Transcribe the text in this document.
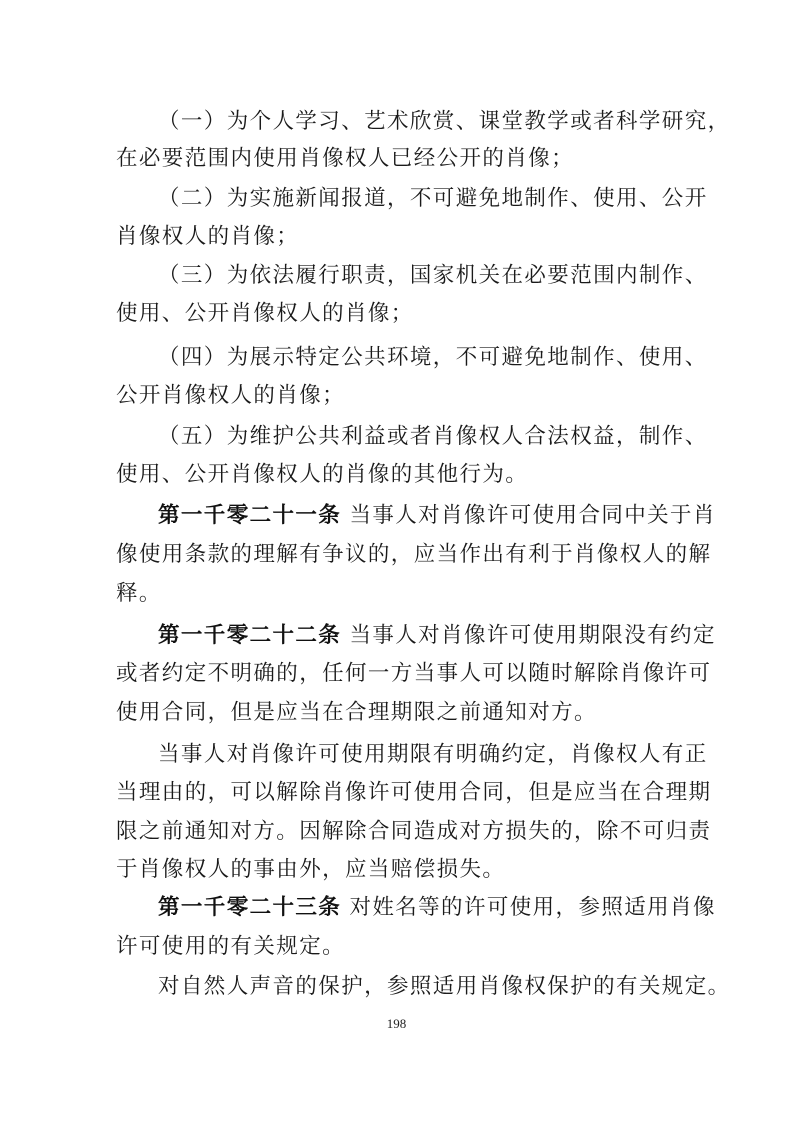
（一）为个人学习、艺术欣赏、课堂教学或者科学研究，
在必要范围内使用肖像权人已经公开的肖像；
（二）为实施新闻报道，不可避免地制作、使用、公开
肖像权人的肖像；
（三）为依法履行职责，国家机关在必要范围内制作、
使用、公开肖像权人的肖像；
（四）为展示特定公共环境，不可避免地制作、使用、
公开肖像权人的肖像；
（五）为维护公共利益或者肖像权人合法权益，制作、
使用、公开肖像权人的肖像的其他行为。
第一千零二十一条 当事人对肖像许可使用合同中关于肖
像使用条款的理解有争议的，应当作出有利于肖像权人的解
释。
第一千零二十二条 当事人对肖像许可使用期限没有约定
或者约定不明确的，任何一方当事人可以随时解除肖像许可
使用合同，但是应当在合理期限之前通知对方。
当事人对肖像许可使用期限有明确约定，肖像权人有正
当理由的，可以解除肖像许可使用合同，但是应当在合理期
限之前通知对方。因解除合同造成对方损失的，除不可归责
于肖像权人的事由外，应当赔偿损失。
第一千零二十三条 对姓名等的许可使用，参照适用肖像
许可使用的有关规定。
对自然人声音的保护，参照适用肖像权保护的有关规定。
198
